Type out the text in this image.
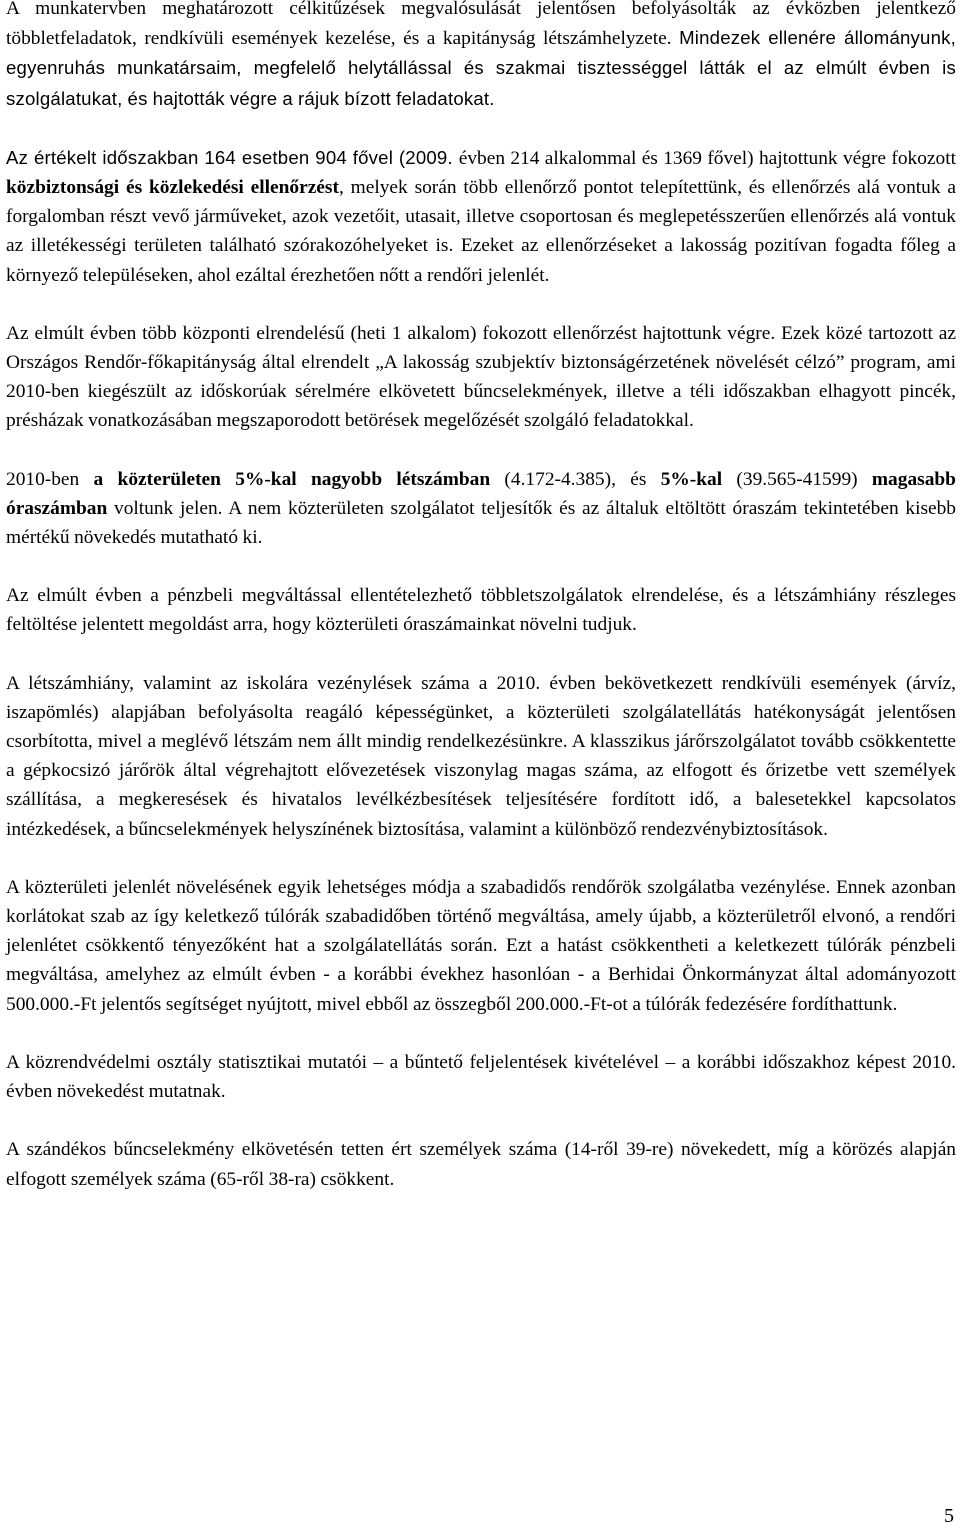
A munkatervben meghatározott célkitűzések megvalósulását jelentősen befolyásolták az évközben jelentkező többletfeladatok, rendkívüli események kezelése, és a kapitányság létszámhelyzete. Mindezek ellenére állományunk, egyenruhás munkatársaim, megfelelő helytállással és szakmai tisztességgel látták el az elmúlt évben is szolgálatukat, és hajtották végre a rájuk bízott feladatokat.

Az értékelt időszakban 164 esetben 904 fővel (2009. évben 214 alkalommal és 1369 fővel) hajtottunk végre fokozott közbiztonsági és közlekedési ellenőrzést, melyek során több ellenőrző pontot telepítettünk, és ellenőrzés alá vontuk a forgalomban részt vevő járműveket, azok vezetőit, utasait, illetve csoportosan és meglepetésszerűen ellenőrzés alá vontuk az illetékességi területen található szórakozóhelyeket is. Ezeket az ellenőrzéseket a lakosság pozitívan fogadta főleg a környező településeken, ahol ezáltal érezhetően nőtt a rendőri jelenlét.

Az elmúlt évben több központi elrendelésű (heti 1 alkalom) fokozott ellenőrzést hajtottunk végre. Ezek közé tartozott az Országos Rendőr-főkapitányság által elrendelt „A lakosság szubjektív biztonságérzetének növelését célzó” program, ami 2010-ben kiegészült az időskorúak sérelmére elkövetett bűncselekmények, illetve a téli időszakban elhagyott pincék, présházak vonatkozásában megszaporodott betörések megelőzését szolgáló feladatokkal.

2010-ben a közterületen 5%-kal nagyobb létszámban (4.172-4.385), és 5%-kal (39.565-41599) magasabb óraszámban voltunk jelen. A nem közterületen szolgálatot teljesítők és az általuk eltöltött óraszám tekintetében kisebb mértékű növekedés mutatható ki.

Az elmúlt évben a pénzbeli megváltással ellentételezhető többletszolgálatok elrendelése, és a létszámhiány részleges feltöltése jelentett megoldást arra, hogy közterületi óraszámainkat növelni tudjuk.

A létszámhiány, valamint az iskolára vezénylések száma a 2010. évben bekövetkezett rendkívüli események (árvíz, iszapömlés) alapjában befolyásolta reagáló képességünket, a közterületi szolgálatellátás hatékonyságát jelentősen csorbította, mivel a meglévő létszám nem állt mindig rendelkezésünkre. A klasszikus járőrszolgálatot tovább csökkentette a gépkocsizó járőrök által végrehajtott elővezetések viszonylag magas száma, az elfogott és őrizetbe vett személyek szállítása, a megkeresések és hivatalos levélkézbesítések teljesítésére fordított idő, a balesetekkel kapcsolatos intézkedések, a bűncselekmények helyszínének biztosítása, valamint a különböző rendezvénybiztosítások.

A közterületi jelenlét növelésének egyik lehetséges módja a szabadidős rendőrök szolgálatba vezénylése. Ennek azonban korlátokat szab az így keletkező túlórák szabadidőben történő megváltása, amely újabb, a közterületről elvonó, a rendőri jelenlétet csökkentő tényezőként hat a szolgálatellátás során. Ezt a hatást csökkentheti a keletkezett túlórák pénzbeli megváltása, amelyhez az elmúlt évben - a korábbi évekhez hasonlóan - a Berhidai Önkormányzat által adományozott 500.000.-Ft jelentős segítséget nyújtott, mivel ebből az összegből 200.000.-Ft-ot a túlórák fedezésére fordíthattunk.

A közrendvédelmi osztály statisztikai mutatói – a bűntető feljelentések kivételével – a korábbi időszakhoz képest 2010. évben növekedést mutatnak.

A szándékos bűncselekmény elkövetésén tetten ért személyek száma (14-ről 39-re) növekedett, míg a körözés alapján elfogott személyek száma (65-ről 38-ra) csökkent.

5
